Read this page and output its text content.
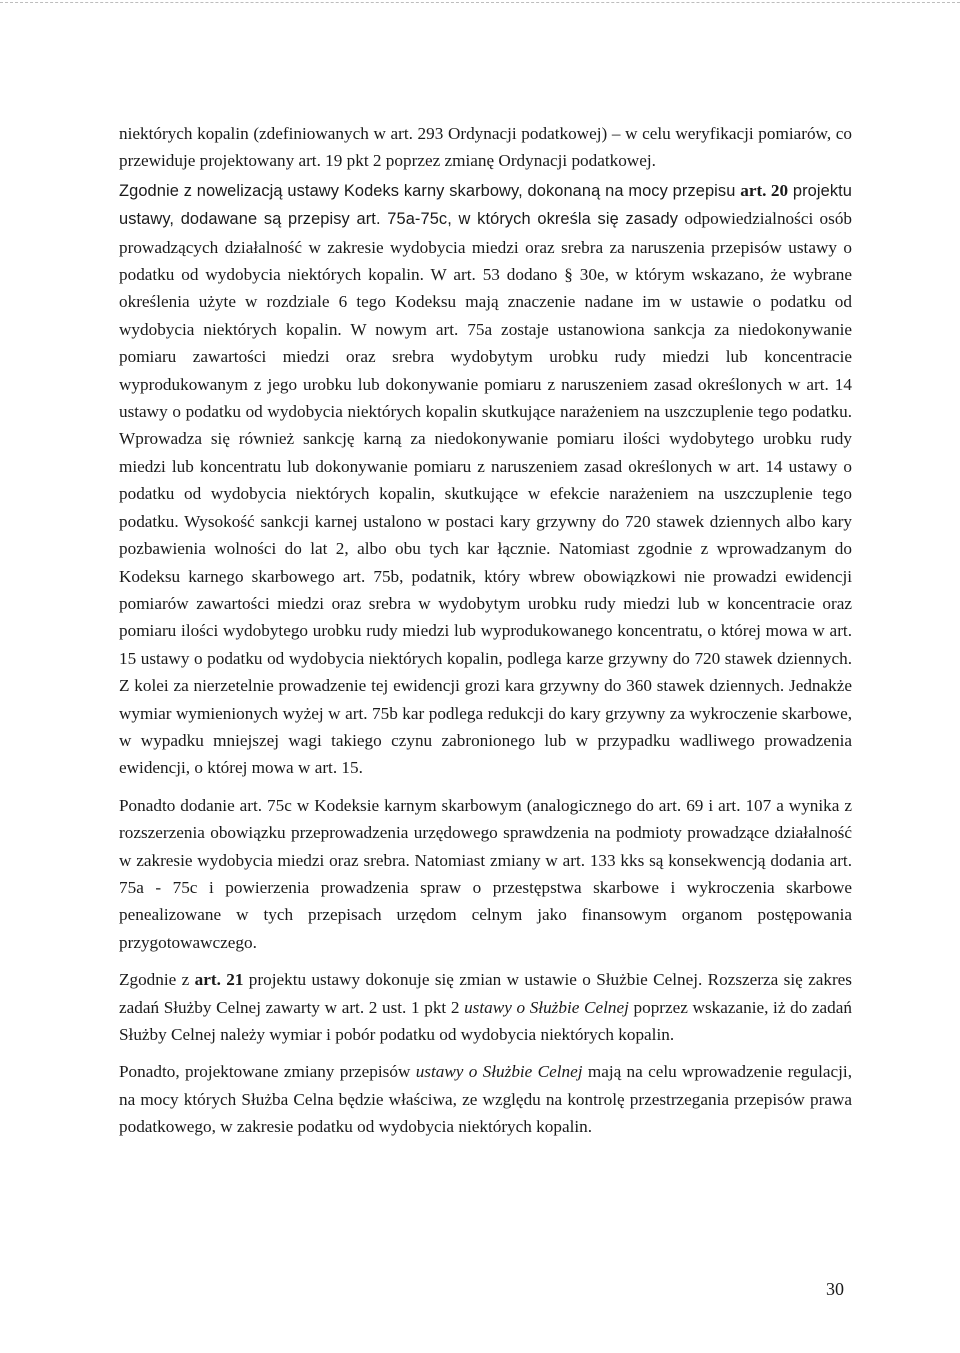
niektórych kopalin (zdefiniowanych w art. 293 Ordynacji podatkowej) – w celu weryfikacji pomiarów, co przewiduje projektowany art. 19 pkt 2 poprzez zmianę Ordynacji podatkowej.

Zgodnie z nowelizacją ustawy Kodeks karny skarbowy, dokonaną na mocy przepisu art. 20 projektu ustawy, dodawane są przepisy art. 75a-75c, w których określa się zasady odpowiedzialności osób prowadzących działalność w zakresie wydobycia miedzi oraz srebra za naruszenia przepisów ustawy o podatku od wydobycia niektórych kopalin. W art. 53 dodano § 30e, w którym wskazano, że wybrane określenia użyte w rozdziale 6 tego Kodeksu mają znaczenie nadane im w ustawie o podatku od wydobycia niektórych kopalin. W nowym art. 75a zostaje ustanowiona sankcja za niedokonywanie pomiaru zawartości miedzi oraz srebra wydobytym urobku rudy miedzi lub koncentracie wyprodukowanym z jego urobku lub dokonywanie pomiaru z naruszeniem zasad określonych w art. 14 ustawy o podatku od wydobycia niektórych kopalin skutkujące narażeniem na uszczuplenie tego podatku. Wprowadza się również sankcję karną za niedokonywanie pomiaru ilości wydobytego urobku rudy miedzi lub koncentratu lub dokonywanie pomiaru z naruszeniem zasad określonych w art. 14 ustawy o podatku od wydobycia niektórych kopalin, skutkujące w efekcie narażeniem na uszczuplenie tego podatku. Wysokość sankcji karnej ustalono w postaci kary grzywny do 720 stawek dziennych albo kary pozbawienia wolności do lat 2, albo obu tych kar łącznie. Natomiast zgodnie z wprowadzanym do Kodeksu karnego skarbowego art. 75b, podatnik, który wbrew obowiązkowi nie prowadzi ewidencji pomiarów zawartości miedzi oraz srebra w wydobytym urobku rudy miedzi lub w koncentracie oraz pomiaru ilości wydobytego urobku rudy miedzi lub wyprodukowanego koncentratu, o której mowa w art. 15 ustawy o podatku od wydobycia niektórych kopalin, podlega karze grzywny do 720 stawek dziennych. Z kolei za nierzetelnie prowadzenie tej ewidencji grozi kara grzywny do 360 stawek dziennych. Jednakże wymiar wymienionych wyżej w art. 75b kar podlega redukcji do kary grzywny za wykroczenie skarbowe, w wypadku mniejszej wagi takiego czynu zabronionego lub w przypadku wadliwego prowadzenia ewidencji, o której mowa w art. 15.

Ponadto dodanie art. 75c w Kodeksie karnym skarbowym (analogicznego do art. 69 i art. 107 a wynika z rozszerzenia obowiązku przeprowadzenia urzędowego sprawdzenia na podmioty prowadzące działalność w zakresie wydobycia miedzi oraz srebra. Natomiast zmiany w art. 133 kks są konsekwencją dodania art. 75a - 75c i powierzenia prowadzenia spraw o przestępstwa skarbowe i wykroczenia skarbowe penealizowane w tych przepisach urzędom celnym jako finansowym organom postępowania przygotowawczego.

Zgodnie z art. 21 projektu ustawy dokonuje się zmian w ustawie o Służbie Celnej. Rozszerza się zakres zadań Służby Celnej zawarty w art. 2 ust. 1 pkt 2 ustawy o Służbie Celnej poprzez wskazanie, iż do zadań Służby Celnej należy wymiar i pobór podatku od wydobycia niektórych kopalin.

Ponadto, projektowane zmiany przepisów ustawy o Służbie Celnej mają na celu wprowadzenie regulacji, na mocy których Służba Celna będzie właściwa, ze względu na kontrolę przestrzegania przepisów prawa podatkowego, w zakresie podatku od wydobycia niektórych kopalin.

30
